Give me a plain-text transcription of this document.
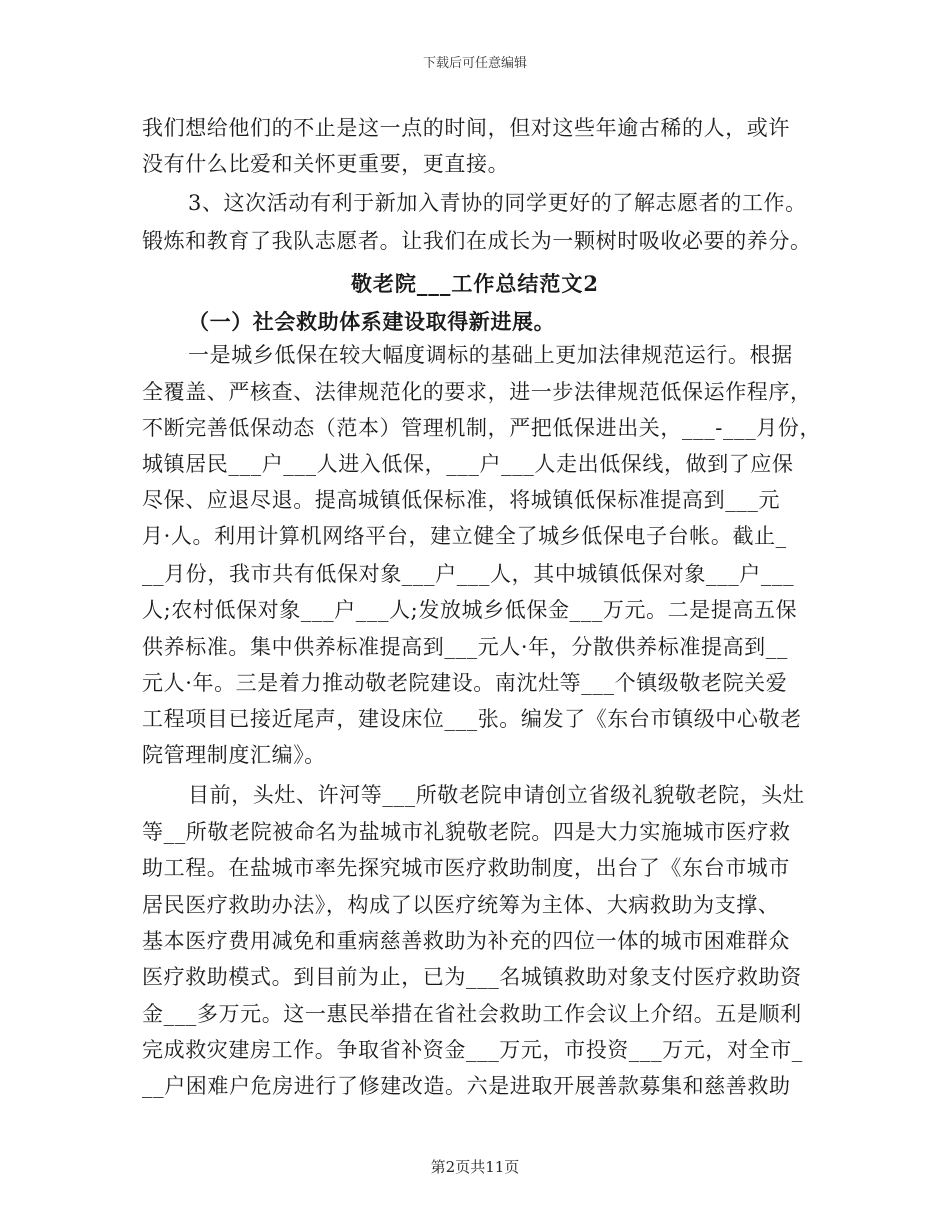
下载后可任意编辑
我们想给他们的不止是这一点的时间，但对这些年逾古稀的人，或许
没有什么比爱和关怀更重要，更直接。
3、这次活动有利于新加入青协的同学更好的了解志愿者的工作。
锻炼和教育了我队志愿者。让我们在成长为一颗树时吸收必要的养分。
敬老院___工作总结范文2
（一）社会救助体系建设取得新进展。
一是城乡低保在较大幅度调标的基础上更加法律规范运行。根据
全覆盖、严核查、法律规范化的要求，进一步法律规范低保运作程序，
不断完善低保动态（范本）管理机制，严把低保进出关，___-___月份，
城镇居民___户___人进入低保，___户___人走出低保线，做到了应保
尽保、应退尽退。提高城镇低保标准，将城镇低保标准提高到___元
月·人。利用计算机网络平台，建立健全了城乡低保电子台帐。截止_
__月份，我市共有低保对象___户___人，其中城镇低保对象___户___
人;农村低保对象___户___人;发放城乡低保金___万元。二是提高五保
供养标准。集中供养标准提高到___元人·年，分散供养标准提高到__
元人·年。三是着力推动敬老院建设。南沈灶等___个镇级敬老院关爱
工程项目已接近尾声，建设床位___张。编发了《东台市镇级中心敬老
院管理制度汇编》。
目前，头灶、许河等___所敬老院申请创立省级礼貌敬老院，头灶
等__所敬老院被命名为盐城市礼貌敬老院。四是大力实施城市医疗救
助工程。在盐城市率先探究城市医疗救助制度，出台了《东台市城市
居民医疗救助办法》，构成了以医疗统筹为主体、大病救助为支撑、
基本医疗费用减免和重病慈善救助为补充的四位一体的城市困难群众
医疗救助模式。到目前为止，已为___名城镇救助对象支付医疗救助资
金___多万元。这一惠民举措在省社会救助工作会议上介绍。五是顺利
完成救灾建房工作。争取省补资金___万元，市投资___万元，对全市_
__户困难户危房进行了修建改造。六是进取开展善款募集和慈善救助
第2页共11页
